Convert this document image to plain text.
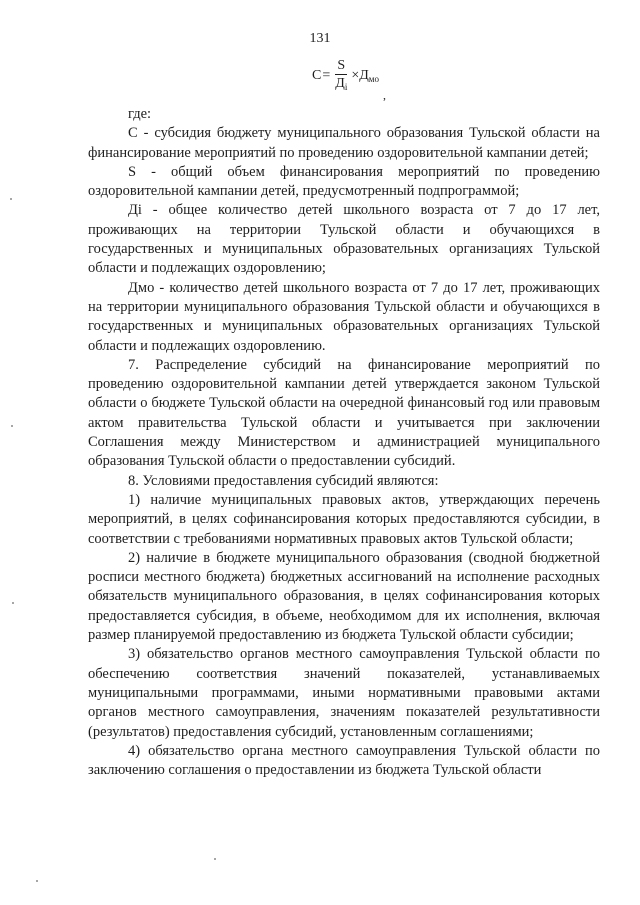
131
$C = \frac{S}{Д_i} \times Д_{мо}$
,

где:

С - субсидия бюджету муниципального образования Тульской области на финансирование мероприятий по проведению оздоровительной кампании детей;

S - общий объем финансирования мероприятий по проведению оздоровительной кампании детей, предусмотренный подпрограммой;

Дi - общее количество детей школьного возраста от 7 до 17 лет, проживающих на территории Тульской области и обучающихся в государственных и муниципальных образовательных организациях Тульской области и подлежащих оздоровлению;

Дмо - количество детей школьного возраста от 7 до 17 лет, проживающих на территории муниципального образования Тульской области и обучающихся в государственных и муниципальных образовательных организациях Тульской области и подлежащих оздоровлению.

7. Распределение субсидий на финансирование мероприятий по проведению оздоровительной кампании детей утверждается законом Тульской области о бюджете Тульской области на очередной финансовый год или правовым актом правительства Тульской области и учитывается при заключении Соглашения между Министерством и администрацией муниципального образования Тульской области о предоставлении субсидий.

8. Условиями предоставления субсидий являются:

1) наличие муниципальных правовых актов, утверждающих перечень мероприятий, в целях софинансирования которых предоставляются субсидии, в соответствии с требованиями нормативных правовых актов Тульской области;

2) наличие в бюджете муниципального образования (сводной бюджетной росписи местного бюджета) бюджетных ассигнований на исполнение расходных обязательств муниципального образования, в целях софинансирования которых предоставляется субсидия, в объеме, необходимом для их исполнения, включая размер планируемой предоставлению из бюджета Тульской области субсидии;

3) обязательство органов местного самоуправления Тульской области по обеспечению соответствия значений показателей, устанавливаемых муниципальными программами, иными нормативными правовыми актами органов местного самоуправления, значениям показателей результативности (результатов) предоставления субсидий, установленным соглашениями;

4) обязательство органа местного самоуправления Тульской области по заключению соглашения о предоставлении из бюджета Тульской области
